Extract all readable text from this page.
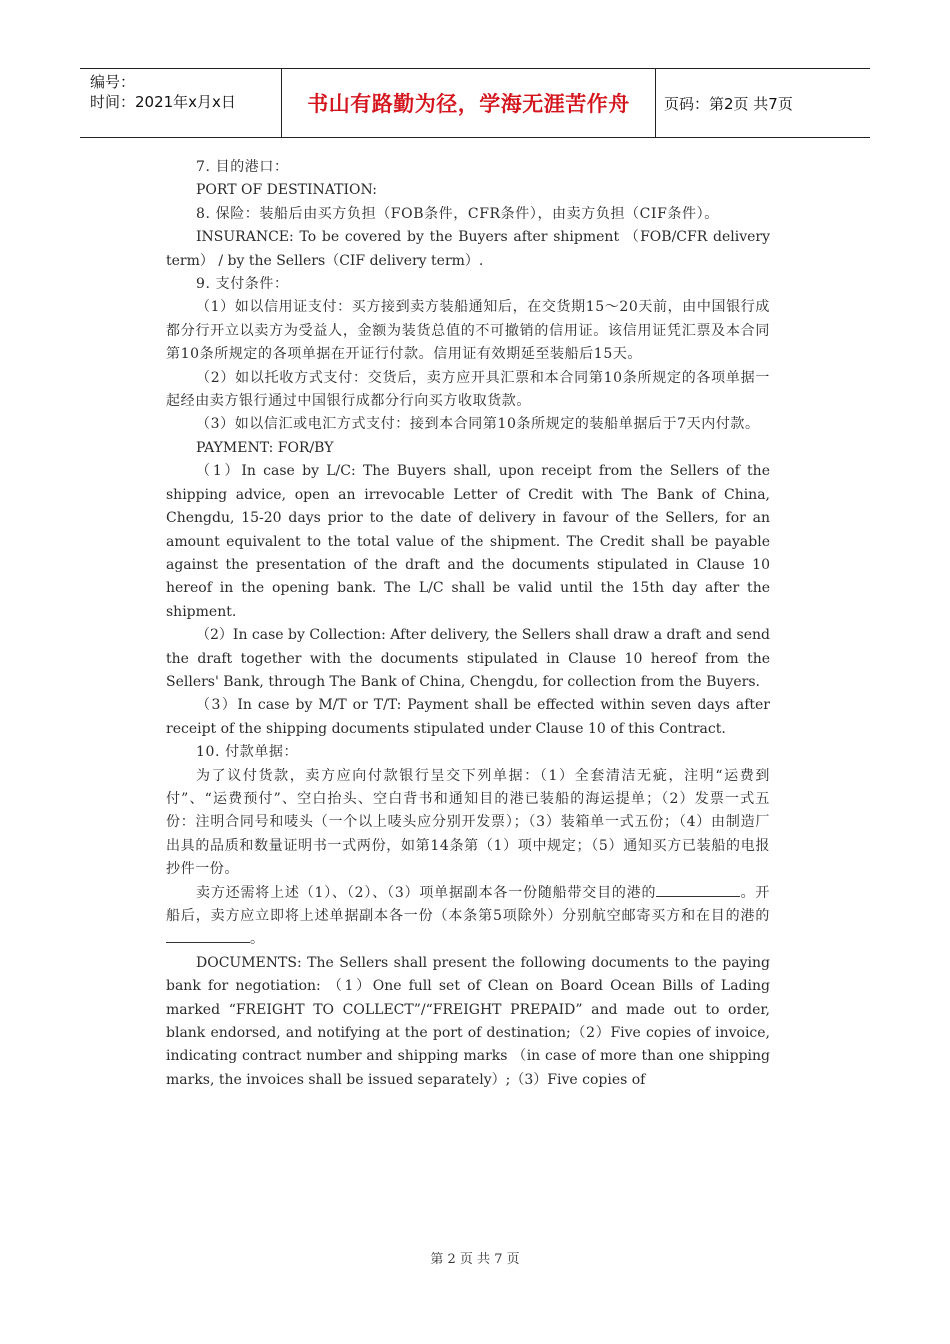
编号：
时间：2021年x月x日	书山有路勤为径，学海无涯苦作舟	页码：第2页 共7页

7. 目的港口：

PORT OF DESTINATION:

8. 保险：装船后由买方负担（FOB条件，CFR条件），由卖方负担（CIF条件）。

INSURANCE: To be covered by the Buyers after shipment （FOB/CFR delivery term） / by the Sellers（CIF delivery term）.

9. 支付条件：

（1）如以信用证支付：买方接到卖方装船通知后，在交货期15～20天前，由中国银行成都分行开立以卖方为受益人，金额为装货总值的不可撤销的信用证。该信用证凭汇票及本合同第10条所规定的各项单据在开证行付款。信用证有效期延至装船后15天。

（2）如以托收方式支付：交货后，卖方应开具汇票和本合同第10条所规定的各项单据一起经由卖方银行通过中国银行成都分行向买方收取货款。

（3）如以信汇或电汇方式支付：接到本合同第10条所规定的装船单据后于7天内付款。

PAYMENT: FOR/BY

（1）In case by L/C: The Buyers shall, upon receipt from the Sellers of the shipping advice, open an irrevocable Letter of Credit with The Bank of China, Chengdu, 15-20 days prior to the date of delivery in favour of the Sellers, for an amount equivalent to the total value of the shipment. The Credit shall be payable against the presentation of the draft and the documents stipulated in Clause 10 hereof in the opening bank. The L/C shall be valid until the 15th day after the shipment.

（2）In case by Collection: After delivery, the Sellers shall draw a draft and send the draft together with the documents stipulated in Clause 10 hereof from the Sellers' Bank, through The Bank of China, Chengdu, for collection from the Buyers.

（3）In case by M/T or T/T: Payment shall be effected within seven days after receipt of the shipping documents stipulated under Clause 10 of this Contract.

10. 付款单据：

为了议付货款，卖方应向付款银行呈交下列单据：（1）全套清洁无疵，注明“运费到付”、“运费预付”、空白抬头、空白背书和通知目的港已装船的海运提单；（2）发票一式五份：注明合同号和唛头（一个以上唛头应分别开发票）；（3）装箱单一式五份；（4）由制造厂出具的品质和数量证明书一式两份，如第14条第（1）项中规定；（5）通知买方已装船的电报抄件一份。

卖方还需将上述（1）、（2）、（3）项单据副本各一份随船带交目的港的	。开船后，卖方应立即将上述单据副本各一份（本条第5项除外）分别航空邮寄买方和在目的港的。

DOCUMENTS: The Sellers shall present the following documents to the paying bank for negotiation: （1）One full set of Clean on Board Ocean Bills of Lading marked “FREIGHT TO COLLECT”/“FREIGHT PREPAID” and made out to order, blank endorsed, and notifying at the port of destination;（2）Five copies of invoice, indicating contract number and shipping marks （in case of more than one shipping marks, the invoices shall be issued separately）;（3）Five copies of

第 2 页 共 7 页
